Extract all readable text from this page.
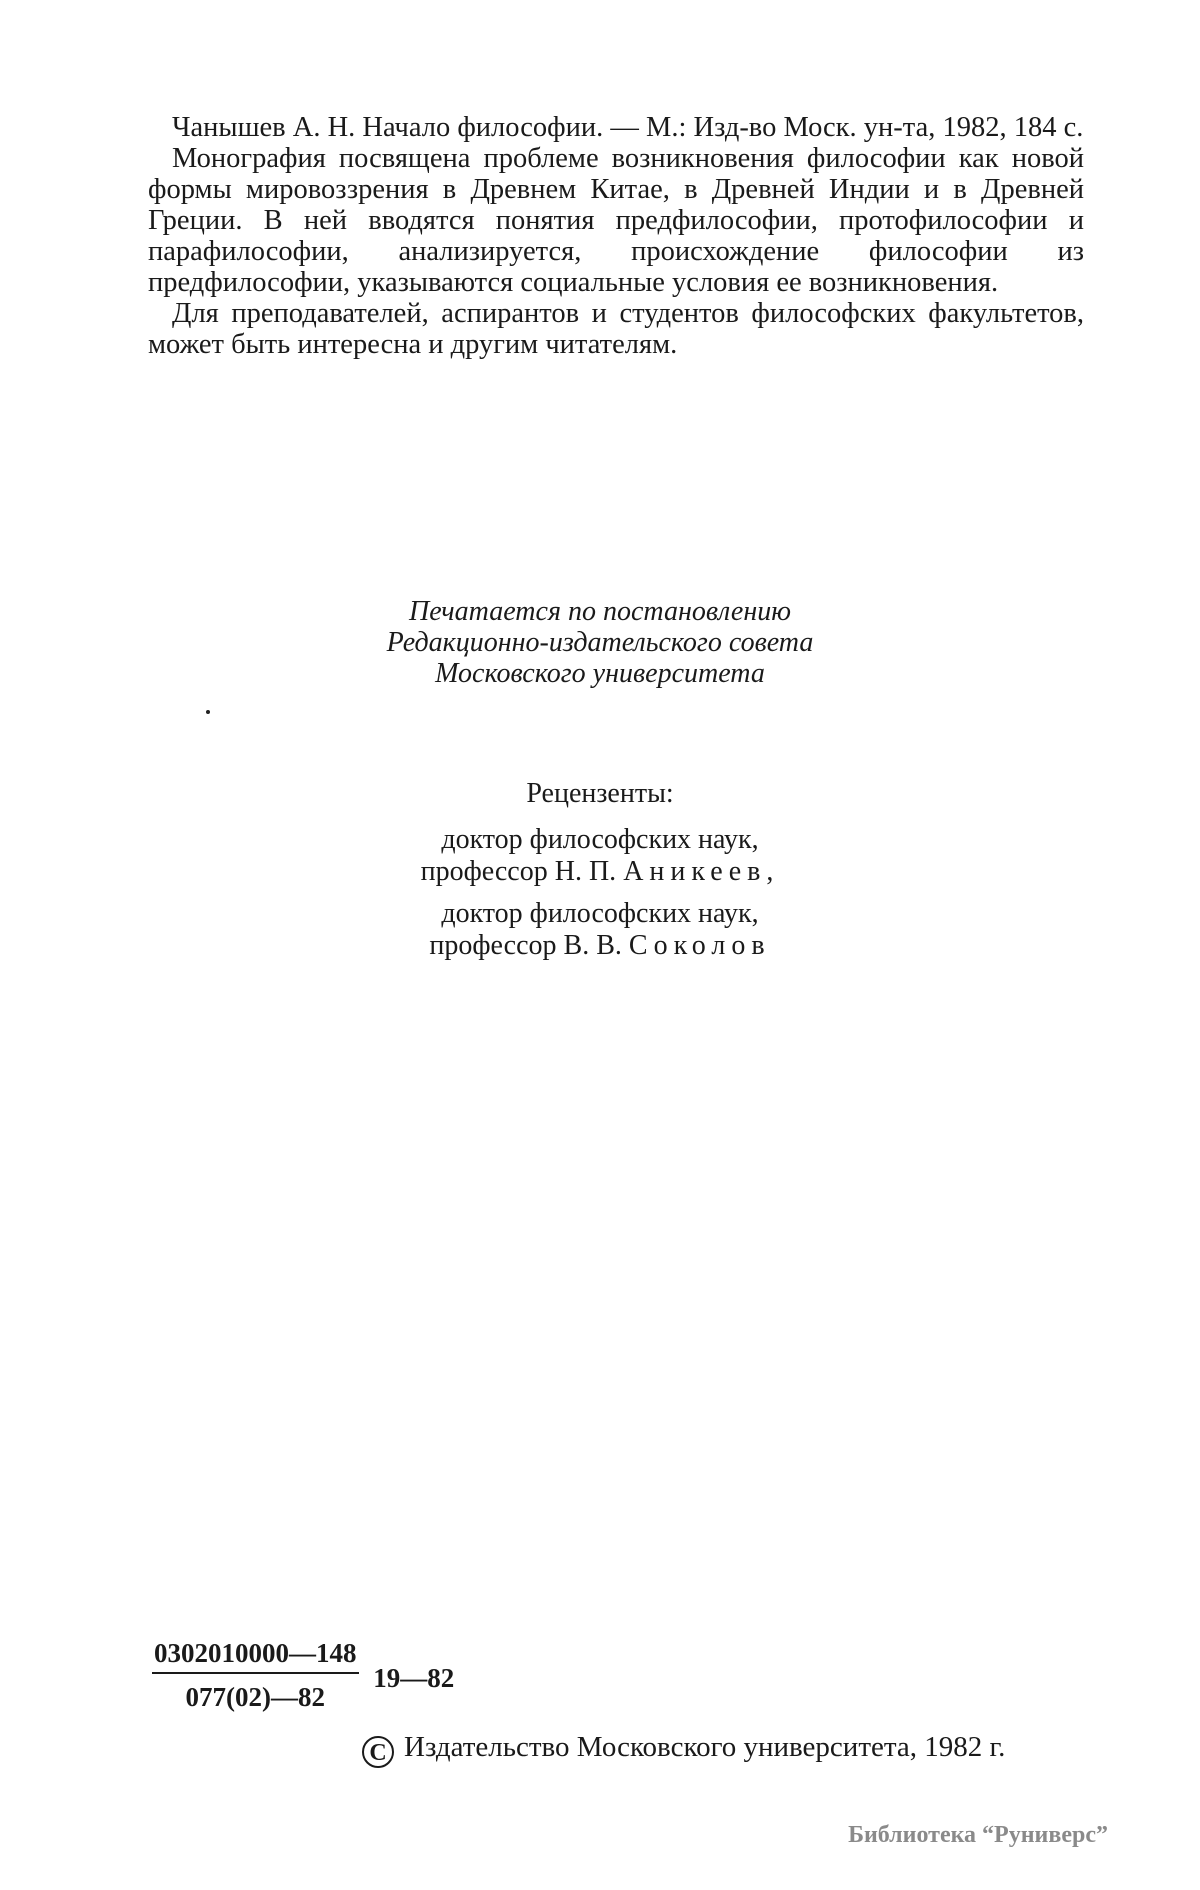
Чанышев А. Н. Начало философии. — М.: Изд-во Моск. ун-та, 1982, 184 с.

Монография посвящена проблеме возникновения философии как новой формы мировоззрения в Древнем Китае, в Древней Индии и в Древней Греции. В ней вводятся понятия предфилософии, протофилософии и парафилософии, анализируется, происхождение философии из предфилософии, указываются социальные условия ее возникновения.

Для преподавателей, аспирантов и студентов философских факультетов, может быть интересна и другим читателям.

Печатается по постановлению
Редакционно-издательского совета
Московского университета
Рецензенты:
доктор философских наук,
профессор Н. П. Аникеев,
доктор философских наук,
профессор В. В. Соколов
$\frac{0302010000—148}{077(02)—82}$ 19—82
C Издательство Московского университета, 1982 г.
Библиотека “Руниверс”
